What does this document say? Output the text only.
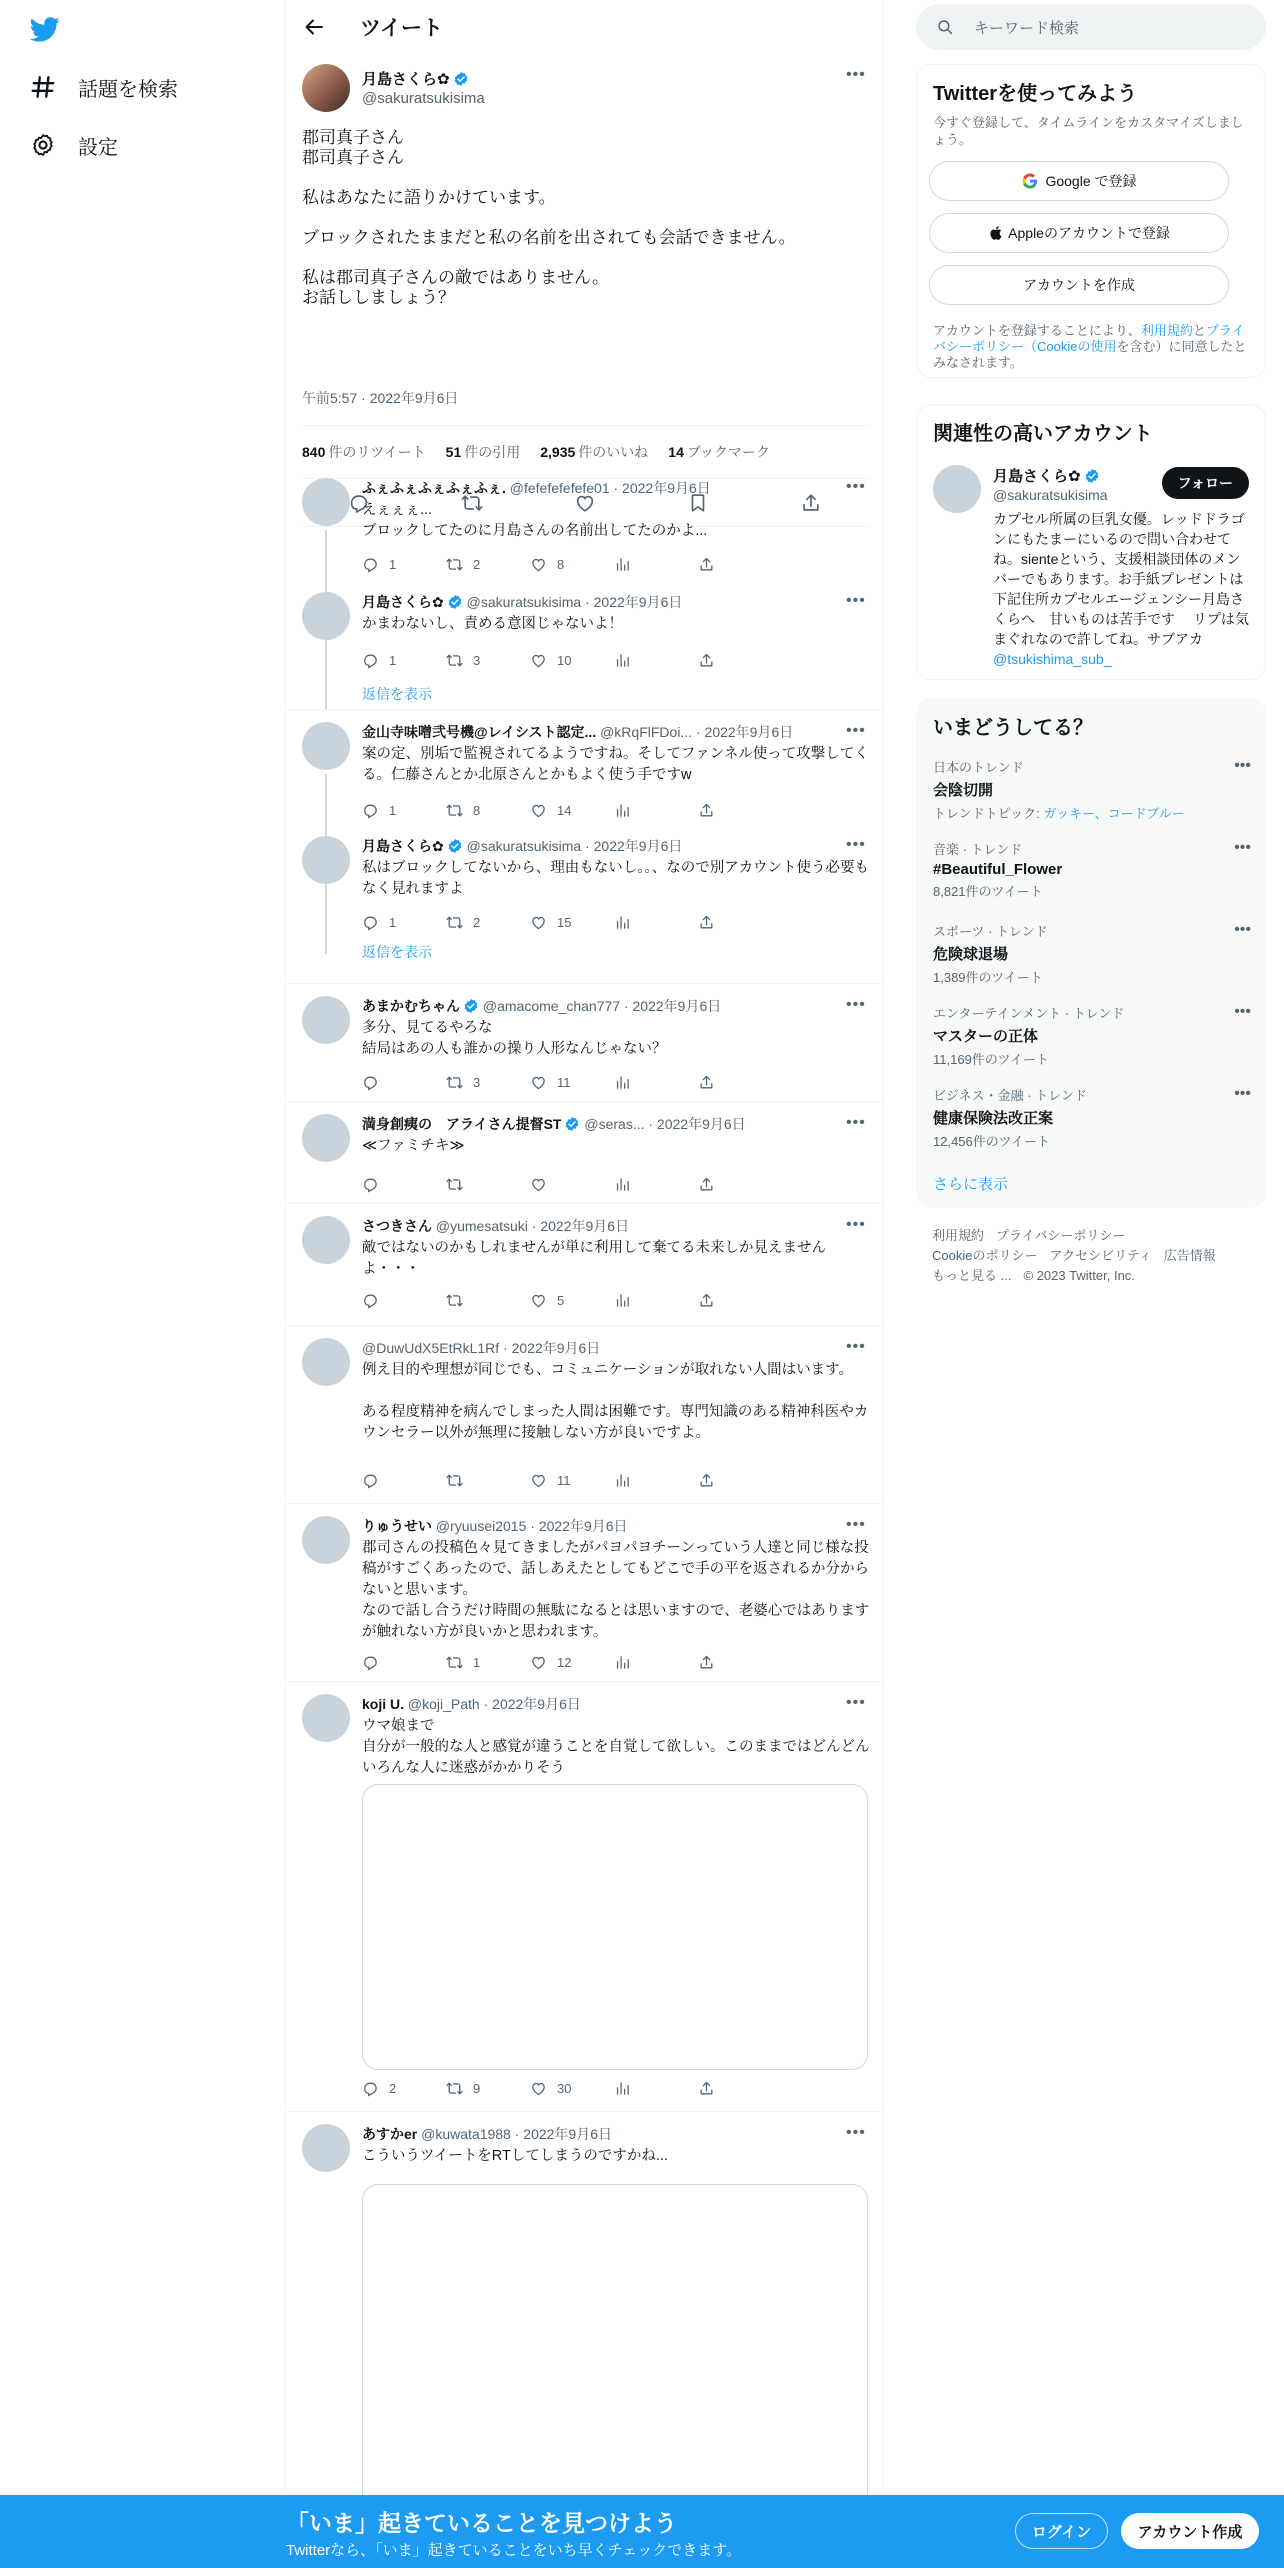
話題を検索
設定
ツイート
月島さくら✿
@sakuratsukisima
•••

郡司真子さん

郡司真子さん

私はあなたに語りかけています。

ブロックされたままだと私の名前を出されても会話できません。

私は郡司真子さんの敵ではありません。

お話ししましょう？

午前5:57 · 2022年9月6日
840 件のリツイート 51 件の引用 2,935 件のいいね 14 ブックマーク
ふぇふぇふぇふぇふぇ. @fefefefefefe01 · 2022年9月6日	•••

えぇぇぇ...

ブロックしてたのに月島さんの名前出してたのかよ...

1	2	8
月島さくら✿ @sakuratsukisima · 2022年9月6日	•••

かまわないし、責める意図じゃないよ！

1	3	10
返信を表示
金山寺味噌弐号機@レイシスト認定... @kRqFlFDoi... · 2022年9月6日	•••

案の定、別垢で監視されてるようですね。そしてファンネル使って攻撃してくる。仁藤さんとか北原さんとかもよく使う手ですw

1	8	14
月島さくら✿ @sakuratsukisima · 2022年9月6日	•••

私はブロックしてないから、理由もないし。。、なので別アカウント使う必要もなく見れますよ

1	2	15
返信を表示
あまかむちゃん @amacome_chan777 · 2022年9月6日	•••

多分、見てるやろな

結局はあの人も誰かの操り人形なんじゃない？

3	11
満身創痍の　アライさん提督ST @seras... · 2022年9月6日	•••

≪ファミチキ≫

さつきさん @yumesatsuki · 2022年9月6日	•••

敵ではないのかもしれませんが単に利用して棄てる未来しか見えませんよ・・・

5
@DuwUdX5EtRkL1Rf · 2022年9月6日	•••

例え目的や理想が同じでも、コミュニケーションが取れない人間はいます。

ある程度精神を病んでしまった人間は困難です。専門知識のある精神科医やカウンセラー以外が無理に接触しない方が良いですよ。

11
りゅうせい @ryuusei2015 · 2022年9月6日	•••

郡司さんの投稿色々見てきましたがパヨパヨチーンっていう人達と同じ様な投稿がすごくあったので、話しあえたとしてもどこで手の平を返されるか分からないと思います。

なので話し合うだけ時間の無駄になるとは思いますので、老婆心ではありますが触れない方が良いかと思われます。

1	12
koji U. @koji_Path · 2022年9月6日	•••

ウマ娘まで

自分が一般的な人と感覚が違うことを自覚して欲しい。このままではどんどんいろんな人に迷惑がかかりそう

2	9	30
あすかer @kuwata1988 · 2022年9月6日	•••

こういうツイートをRTしてしまうのですかね...

キーワード検索
Twitterを使ってみよう
今すぐ登録して、タイムラインをカスタマイズしましょう。
Google で登録
Appleのアカウントで登録
アカウントを作成
アカウントを登録することにより、利用規約とプライバシーポリシー（Cookieの使用を含む）に同意したとみなされます。
関連性の高いアカウント
月島さくら✿
@sakuratsukisima
フォロー
カプセル所属の巨乳女優。レッドドラゴンにもたまーにいるので問い合わせてね。sienteという、支援相談団体のメンバーでもあります。お手紙プレゼントは下記住所カプセルエージェンシー月島さくらへ　甘いものは苦手です　 リプは気まぐれなので許してね。サブアカ@tsukishima_sub_
いまどうしてる？
日本のトレンド
会陰切開
トレンドトピック: ガッキー、コードブルー
•••
音楽 · トレンド
#Beautiful_Flower
8,821件のツイート
•••
スポーツ · トレンド
危険球退場
1,389件のツイート
•••
エンターテインメント · トレンド
マスターの正体
11,169件のツイート
•••
ビジネス・金融 · トレンド
健康保険法改正案
12,456件のツイート
•••
さらに表示
利用規約 プライバシーポリシー
Cookieのポリシー アクセシビリティ 広告情報
もっと見る ... © 2023 Twitter, Inc.
「いま」起きていることを見つけよう
Twitterなら、「いま」起きていることをいち早くチェックできます。
ログイン	アカウント作成
